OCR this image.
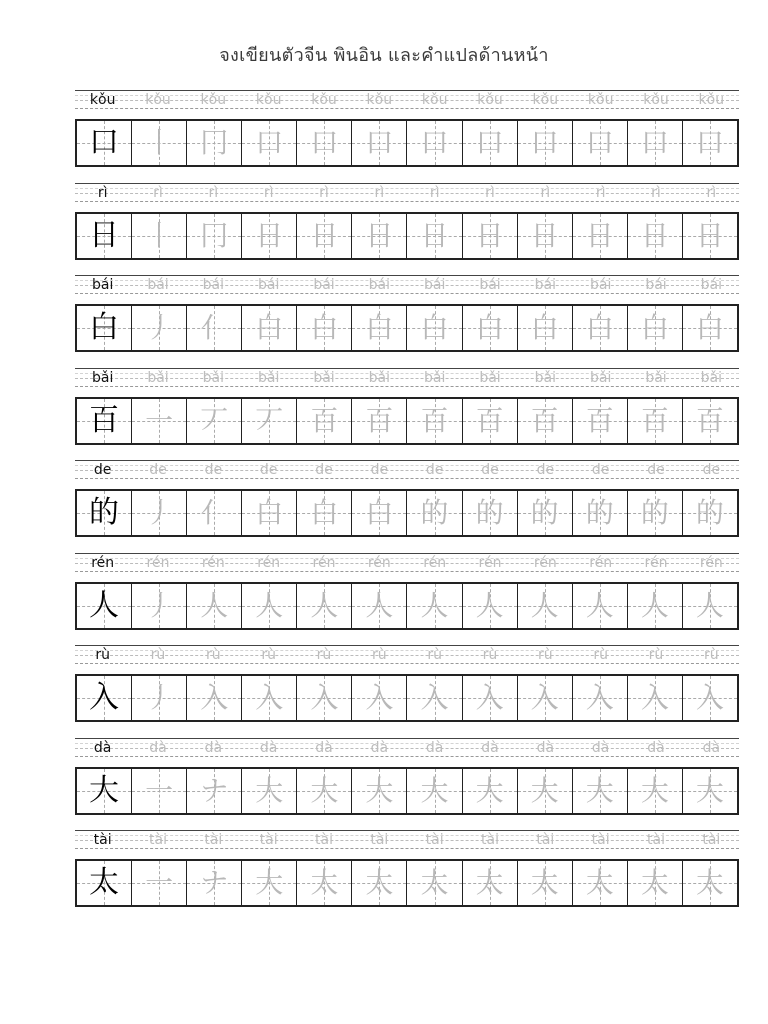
จงเขียนตัวจีน พินอิน และคำแปลด้านหน้า
kǒu	kǒu	kǒu	kǒu	kǒu	kǒu	kǒu	kǒu	kǒu	kǒu	kǒu	kǒu
口 丨 冂 口 口 口 口 口 口 口 口 口
rì	rì	rì	rì	rì	rì	rì	rì	rì	rì	rì	rì
日 丨 冂 日 日 日 日 日 日 日 日 日
bái	bái	bái	bái	bái	bái	bái	bái	bái	bái	bái	bái
白 丿 亻 白 白 白 白 白 白 白 白 白
bǎi	bǎi	bǎi	bǎi	bǎi	bǎi	bǎi	bǎi	bǎi	bǎi	bǎi	bǎi
百 一 丆 丆 百 百 百 百 百 百 百 百
de	de	de	de	de	de	de	de	de	de	de	de
的 丿 亻 白 白 白 的 的 的 的 的 的
rén	rén	rén	rén	rén	rén	rén	rén	rén	rén	rén	rén
人 丿 人 人 人 人 人 人 人 人 人 人
rù	rù	rù	rù	rù	rù	rù	rù	rù	rù	rù	rù
入 丿 入 入 入 入 入 入 入 入 入 入
dà	dà	dà	dà	dà	dà	dà	dà	dà	dà	dà	dà
大 一 ナ 大 大 大 大 大 大 大 大 大
tài	tài	tài	tài	tài	tài	tài	tài	tài	tài	tài	tài
太 一 ナ 大 太 太 太 太 太 太 太 太
